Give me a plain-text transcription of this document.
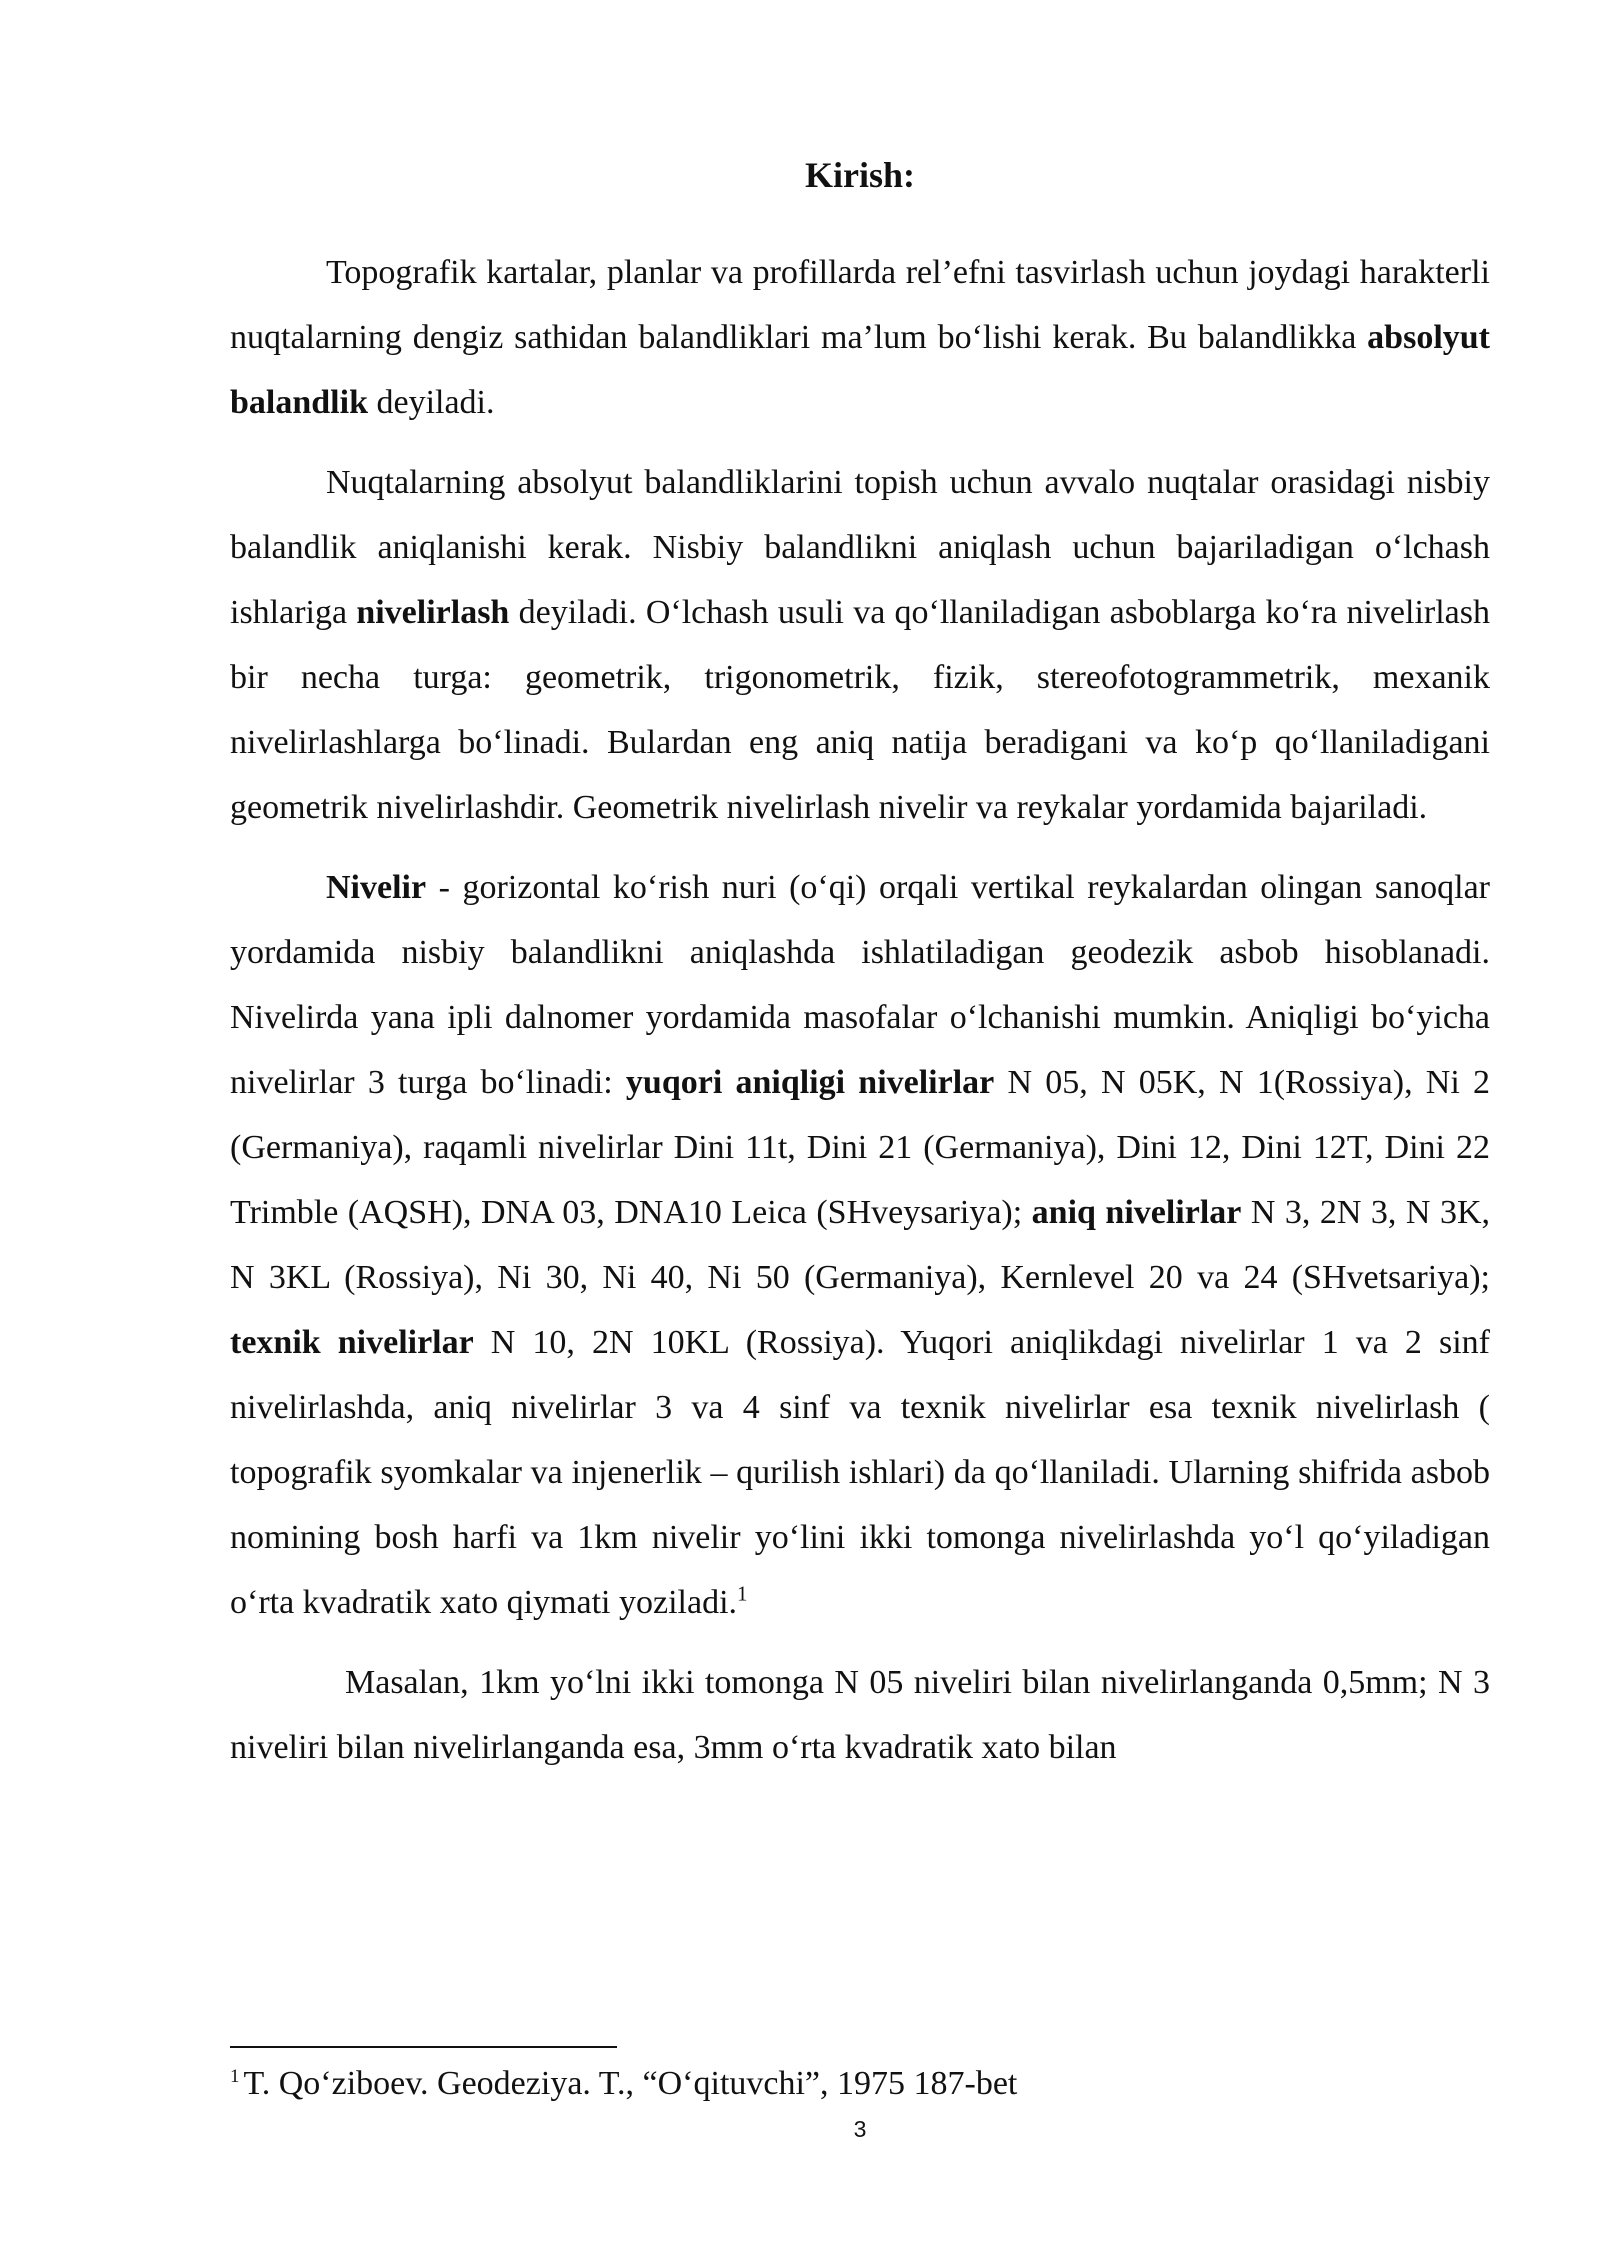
Kirish:

Topografik kartalar, planlar va profillarda rel’efni tasvirlash uchun joydagi harakterli nuqtalarning dengiz sathidan balandliklari ma’lum bo‘lishi kerak. Bu balandlikka absolyut balandlik deyiladi.

Nuqtalarning absolyut balandliklarini topish uchun avvalo nuqtalar orasidagi nisbiy balandlik aniqlanishi kerak. Nisbiy balandlikni aniqlash uchun bajariladigan o‘lchash ishlariga nivelirlash deyiladi. O‘lchash usuli va qo‘llaniladigan asboblarga ko‘ra nivelirlash bir necha turga: geometrik, trigonometrik, fizik, stereofotogrammetrik, mexanik nivelirlashlarga bo‘linadi. Bulardan eng aniq natija beradigani va ko‘p qo‘llaniladigani geometrik nivelirlashdir. Geometrik nivelirlash nivelir va reykalar yordamida bajariladi.

Nivelir - gorizontal ko‘rish nuri (o‘qi) orqali vertikal reykalardan olingan sanoqlar yordamida nisbiy balandlikni aniqlashda ishlatiladigan geodezik asbob hisoblanadi. Nivelirda yana ipli dalnomer yordamida masofalar o‘lchanishi mumkin. Aniqligi bo‘yicha nivelirlar 3 turga bo‘linadi: yuqori aniqligi nivelirlar N 05, N 05K, N 1(Rossiya), Ni 2 (Germaniya), raqamli nivelirlar Dini 11t, Dini 21 (Germaniya), Dini 12, Dini 12T, Dini 22 Trimble (AQSH), DNA 03, DNA10 Leica (SHveysariya); aniq nivelirlar N 3, 2N 3, N 3K, N 3KL (Rossiya), Ni 30, Ni 40, Ni 50 (Germaniya), Kernlevel 20 va 24 (SHvetsariya); texnik nivelirlar N 10, 2N 10KL (Rossiya). Yuqori aniqlikdagi nivelirlar 1 va 2 sinf nivelirlashda, aniq nivelirlar 3 va 4 sinf va texnik nivelirlar esa texnik nivelirlash ( topografik syomkalar va injenerlik – qurilish ishlari) da qo‘llaniladi. Ularning shifrida asbob nomining bosh harfi va 1km nivelir yo‘lini ikki tomonga nivelirlashda yo‘l qo‘yiladigan o‘rta kvadratik xato qiymati yoziladi.$^1$

Masalan, 1km yo‘lni ikki tomonga N 05 niveliri bilan nivelirlanganda 0,5mm; N 3 niveliri bilan nivelirlanganda esa, 3mm o‘rta kvadratik xato bilan

$^1$ T. Qo‘ziboev. Geodeziya. T., “O‘qituvchi”, 1975 187-bet
3
